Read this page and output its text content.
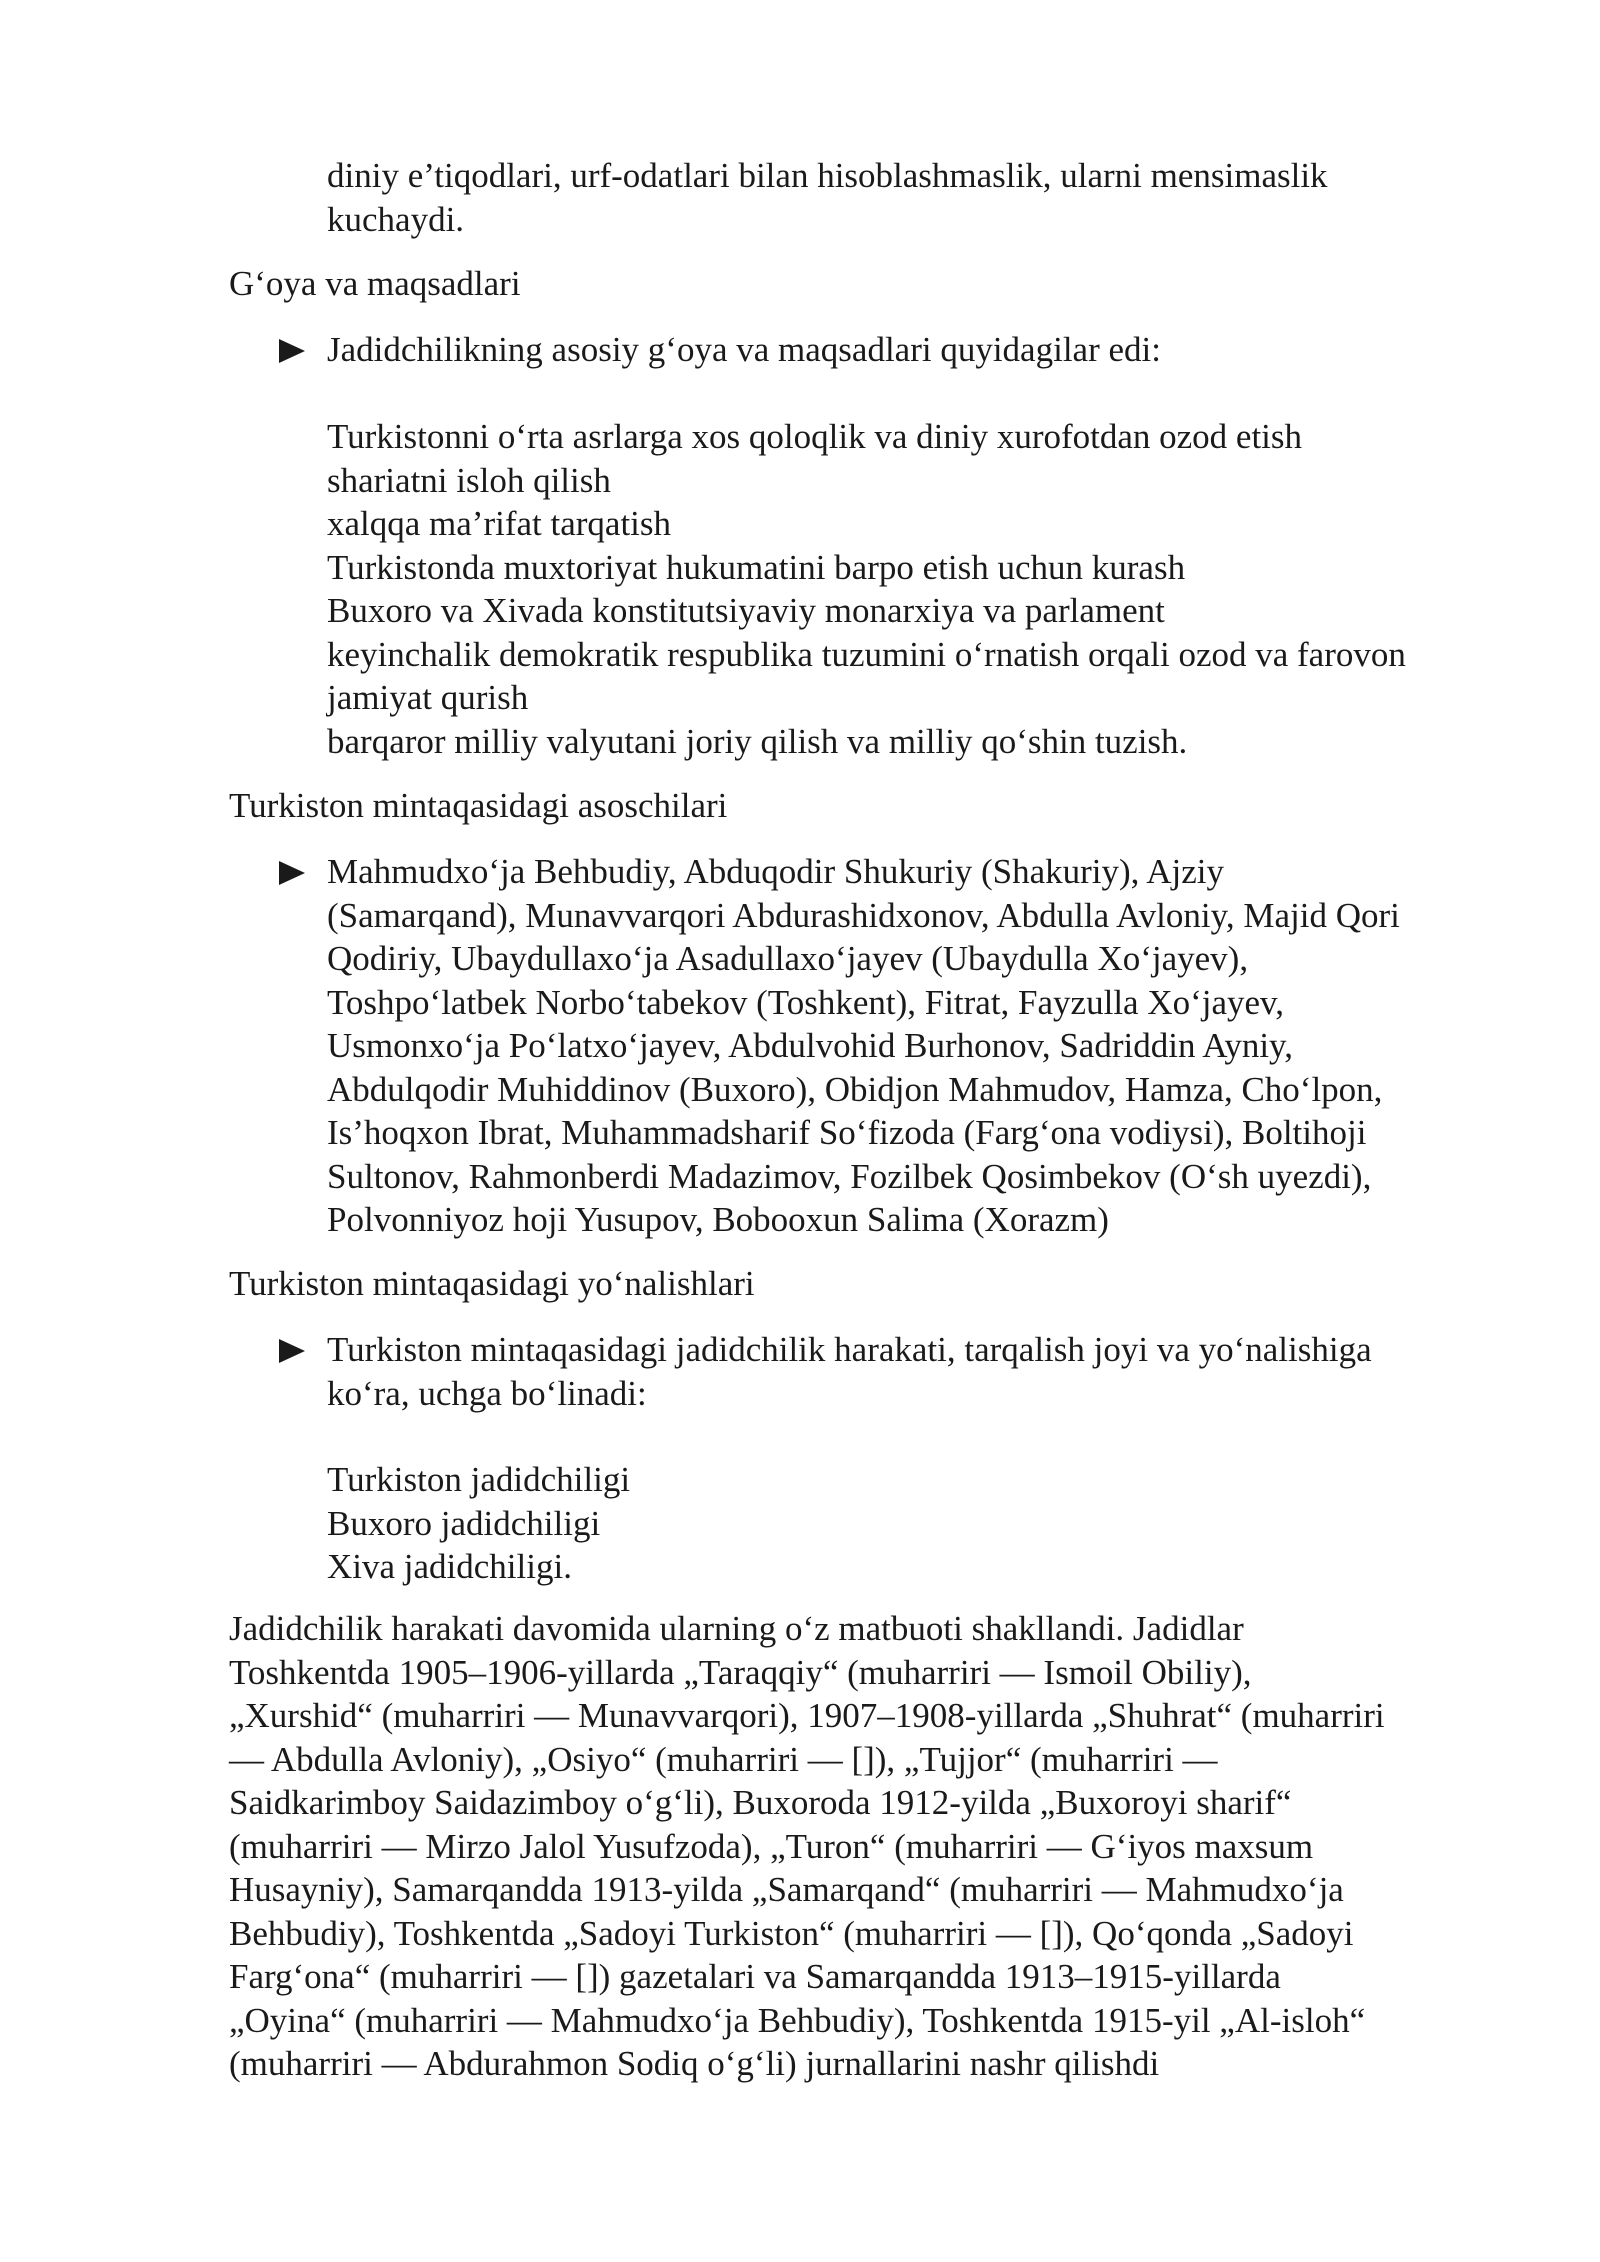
diniy e’tiqodlari, urf-odatlari bilan hisoblashmaslik, ularni mensimaslik
kuchaydi.
G‘oya va maqsadlari
Jadidchilikning asosiy g‘oya va maqsadlari quyidagilar edi:
Turkistonni o‘rta asrlarga xos qoloqlik va diniy xurofotdan ozod etish
shariatni isloh qilish
xalqqa ma’rifat tarqatish
Turkistonda muxtoriyat hukumatini barpo etish uchun kurash
Buxoro va Xivada konstitutsiyaviy monarxiya va parlament
keyinchalik demokratik respublika tuzumini o‘rnatish orqali ozod va farovon
jamiyat qurish
barqaror milliy valyutani joriy qilish va milliy qo‘shin tuzish.
Turkiston mintaqasidagi asoschilari
Mahmudxo‘ja Behbudiy, Abduqodir Shukuriy (Shakuriy), Ajziy
(Samarqand), Munavvarqori Abdurashidxonov, Abdulla Avloniy, Majid Qori
Qodiriy, Ubaydullaxo‘ja Asadullaxo‘jayev (Ubaydulla Xo‘jayev),
Toshpo‘latbek Norbo‘tabekov (Toshkent), Fitrat, Fayzulla Xo‘jayev,
Usmonxo‘ja Po‘latxo‘jayev, Abdulvohid Burhonov, Sadriddin Ayniy,
Abdulqodir Muhiddinov (Buxoro), Obidjon Mahmudov, Hamza, Cho‘lpon,
Is’hoqxon Ibrat, Muhammadsharif So‘fizoda (Farg‘ona vodiysi), Boltihoji
Sultonov, Rahmonberdi Madazimov, Fozilbek Qosimbekov (O‘sh uyezdi),
Polvonniyoz hoji Yusupov, Bobooxun Salima (Xorazm)
Turkiston mintaqasidagi yo‘nalishlari
Turkiston mintaqasidagi jadidchilik harakati, tarqalish joyi va yo‘nalishiga
ko‘ra, uchga bo‘linadi:
Turkiston jadidchiligi
Buxoro jadidchiligi
Xiva jadidchiligi.
Jadidchilik harakati davomida ularning o‘z matbuoti shakllandi. Jadidlar
Toshkentda 1905–1906-yillarda „Taraqqiy“ (muharriri — Ismoil Obiliy),
„Xurshid“ (muharriri — Munavvarqori), 1907–1908-yillarda „Shuhrat“ (muharriri
— Abdulla Avloniy), „Osiyo“ (muharriri — []), „Tujjor“ (muharriri —
Saidkarimboy Saidazimboy o‘g‘li), Buxoroda 1912-yilda „Buxoroyi sharif“
(muharriri — Mirzo Jalol Yusufzoda), „Turon“ (muharriri — G‘iyos maxsum
Husayniy), Samarqandda 1913-yilda „Samarqand“ (muharriri — Mahmudxo‘ja
Behbudiy), Toshkentda „Sadoyi Turkiston“ (muharriri — []), Qo‘qonda „Sadoyi
Farg‘ona“ (muharriri — []) gazetalari va Samarqandda 1913–1915-yillarda
„Oyina“ (muharriri — Mahmudxo‘ja Behbudiy), Toshkentda 1915-yil „Al-isloh“
(muharriri — Abdurahmon Sodiq o‘g‘li) jurnallarini nashr qilishdi
